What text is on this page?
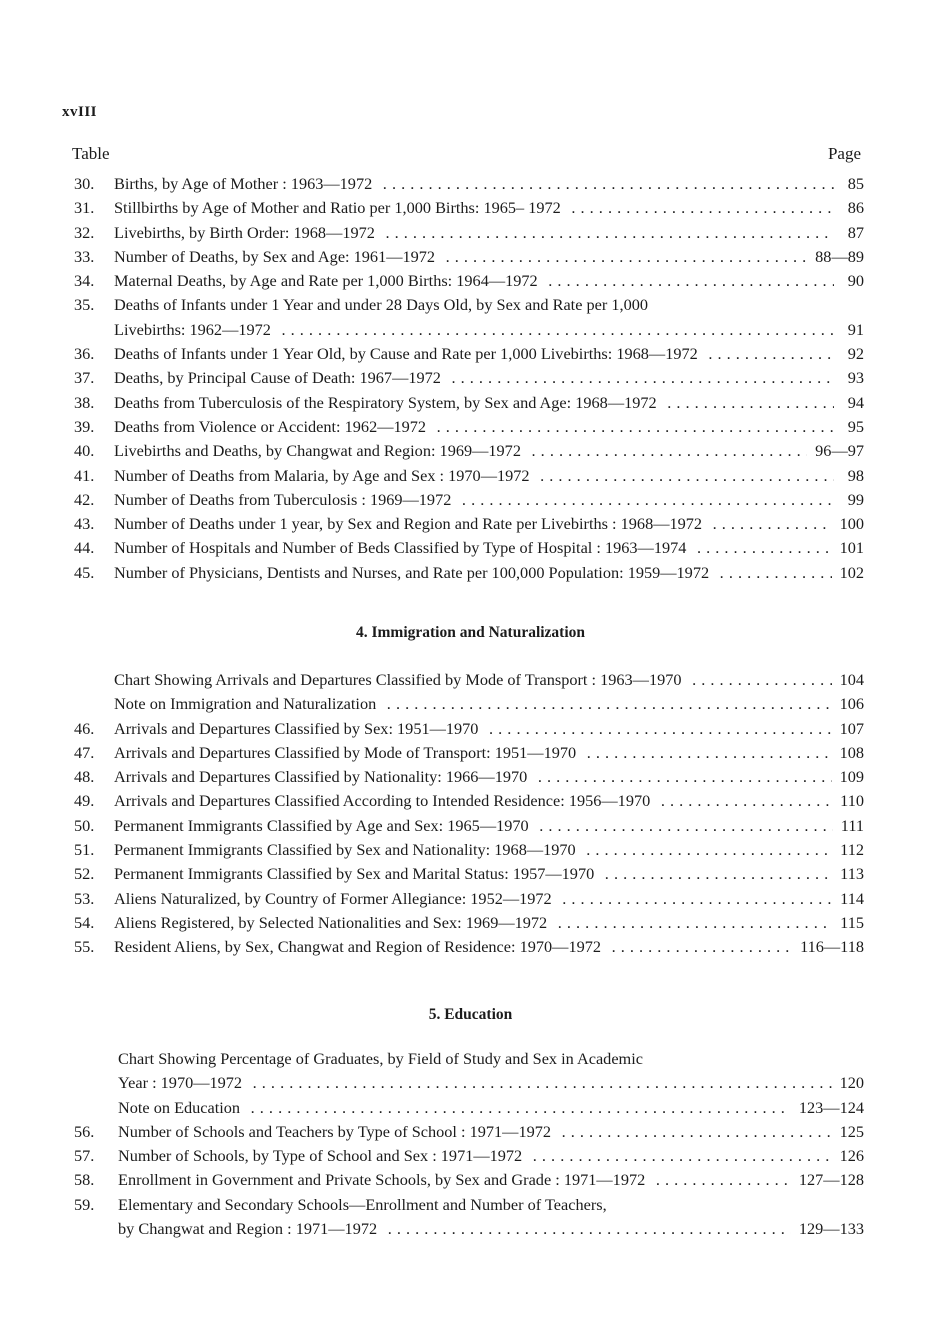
xvIII
Table	Page
30.	Births, by Age of Mother : 1963—1972 . . .	85
31.	Stillbirths by Age of Mother and Ratio per 1,000 Births: 1965– 1972 . . .	86
32.	Livebirths, by Birth Order: 1968—1972 . . .	87
33.	Number of Deaths, by Sex and Age: 1961—1972 . . .	88—89
34.	Maternal Deaths, by Age and Rate per 1,000 Births: 1964—1972 . . .	90
35.	Deaths of Infants under 1 Year and under 28 Days Old, by Sex and Rate per 1,000
Livebirths: 1962—1972 . . .	91
36.	Deaths of Infants under 1 Year Old, by Cause and Rate per 1,000 Livebirths: 1968—1972 . . .	92
37.	Deaths, by Principal Cause of Death: 1967—1972 . . .	93
38.	Deaths from Tuberculosis of the Respiratory System, by Sex and Age: 1968—1972 . . .	94
39.	Deaths from Violence or Accident: 1962—1972 . . .	95
40.	Livebirths and Deaths, by Changwat and Region: 1969—1972 . . .	96—97
41.	Number of Deaths from Malaria, by Age and Sex : 1970—1972 . . .	98
42.	Number of Deaths from Tuberculosis : 1969—1972 . . .	99
43.	Number of Deaths under 1 year, by Sex and Region and Rate per Livebirths : 1968—1972 . . .	100
44.	Number of Hospitals and Number of Beds Classified by Type of Hospital : 1963—1974 . . .	101
45.	Number of Physicians, Dentists and Nurses, and Rate per 100,000 Population: 1959—1972 . . .	102
4. Immigration and Naturalization
Chart Showing Arrivals and Departures Classified by Mode of Transport : 1963—1970 . . .	104
Note on Immigration and Naturalization . . .	106
46.	Arrivals and Departures Classified by Sex: 1951—1970 . . .	107
47.	Arrivals and Departures Classified by Mode of Transport: 1951—1970 . . .	108
48.	Arrivals and Departures Classified by Nationality: 1966—1970 . . .	109
49.	Arrivals and Departures Classified According to Intended Residence: 1956—1970 . . .	110
50.	Permanent Immigrants Classified by Age and Sex: 1965—1970 . . .	111
51.	Permanent Immigrants Classified by Sex and Nationality: 1968—1970 . . .	112
52.	Permanent Immigrants Classified by Sex and Marital Status: 1957—1970 . . .	113
53.	Aliens Naturalized, by Country of Former Allegiance: 1952—1972 . . .	114
54.	Aliens Registered, by Selected Nationalities and Sex: 1969—1972 . . .	115
55.	Resident Aliens, by Sex, Changwat and Region of Residence: 1970—1972 . . .	116—118
5. Education
Chart Showing Percentage of Graduates, by Field of Study and Sex in Academic
Year : 1970—1972 . . .	120
Note on Education . . .	123—124
56.	Number of Schools and Teachers by Type of School : 1971—1972 . . .	125
57.	Number of Schools, by Type of School and Sex : 1971—1972 . . .	126
58.	Enrollment in Government and Private Schools, by Sex and Grade : 1971—1972 . . .	127—128
59.	Elementary and Secondary Schools—Enrollment and Number of Teachers,
by Changwat and Region : 1971—1972 . . .	129—133
